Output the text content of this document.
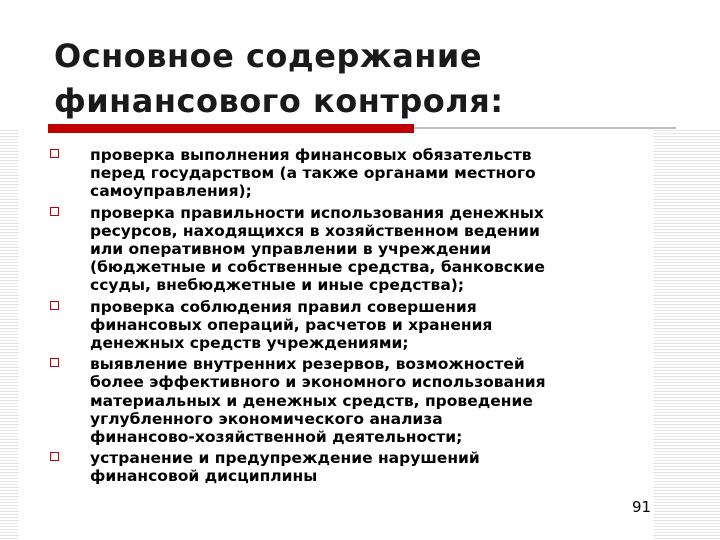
Основное содержание
финансового контроля:
проверка выполнения финансовых обязательств
перед государством (а также органами местного
самоуправления);
проверка правильности использования денежных
ресурсов, находящихся в хозяйственном ведении
или оперативном управлении в учреждении
(бюджетные и собственные средства, банковские
ссуды, внебюджетные и иные средства);
проверка соблюдения правил совершения
финансовых операций, расчетов и хранения
денежных средств учреждениями;
выявление внутренних резервов, возможностей
более эффективного и экономного использования
материальных и денежных средств, проведение
углубленного экономического анализа
финансово-хозяйственной деятельности;
устранение и предупреждение нарушений
финансовой дисциплины
91
